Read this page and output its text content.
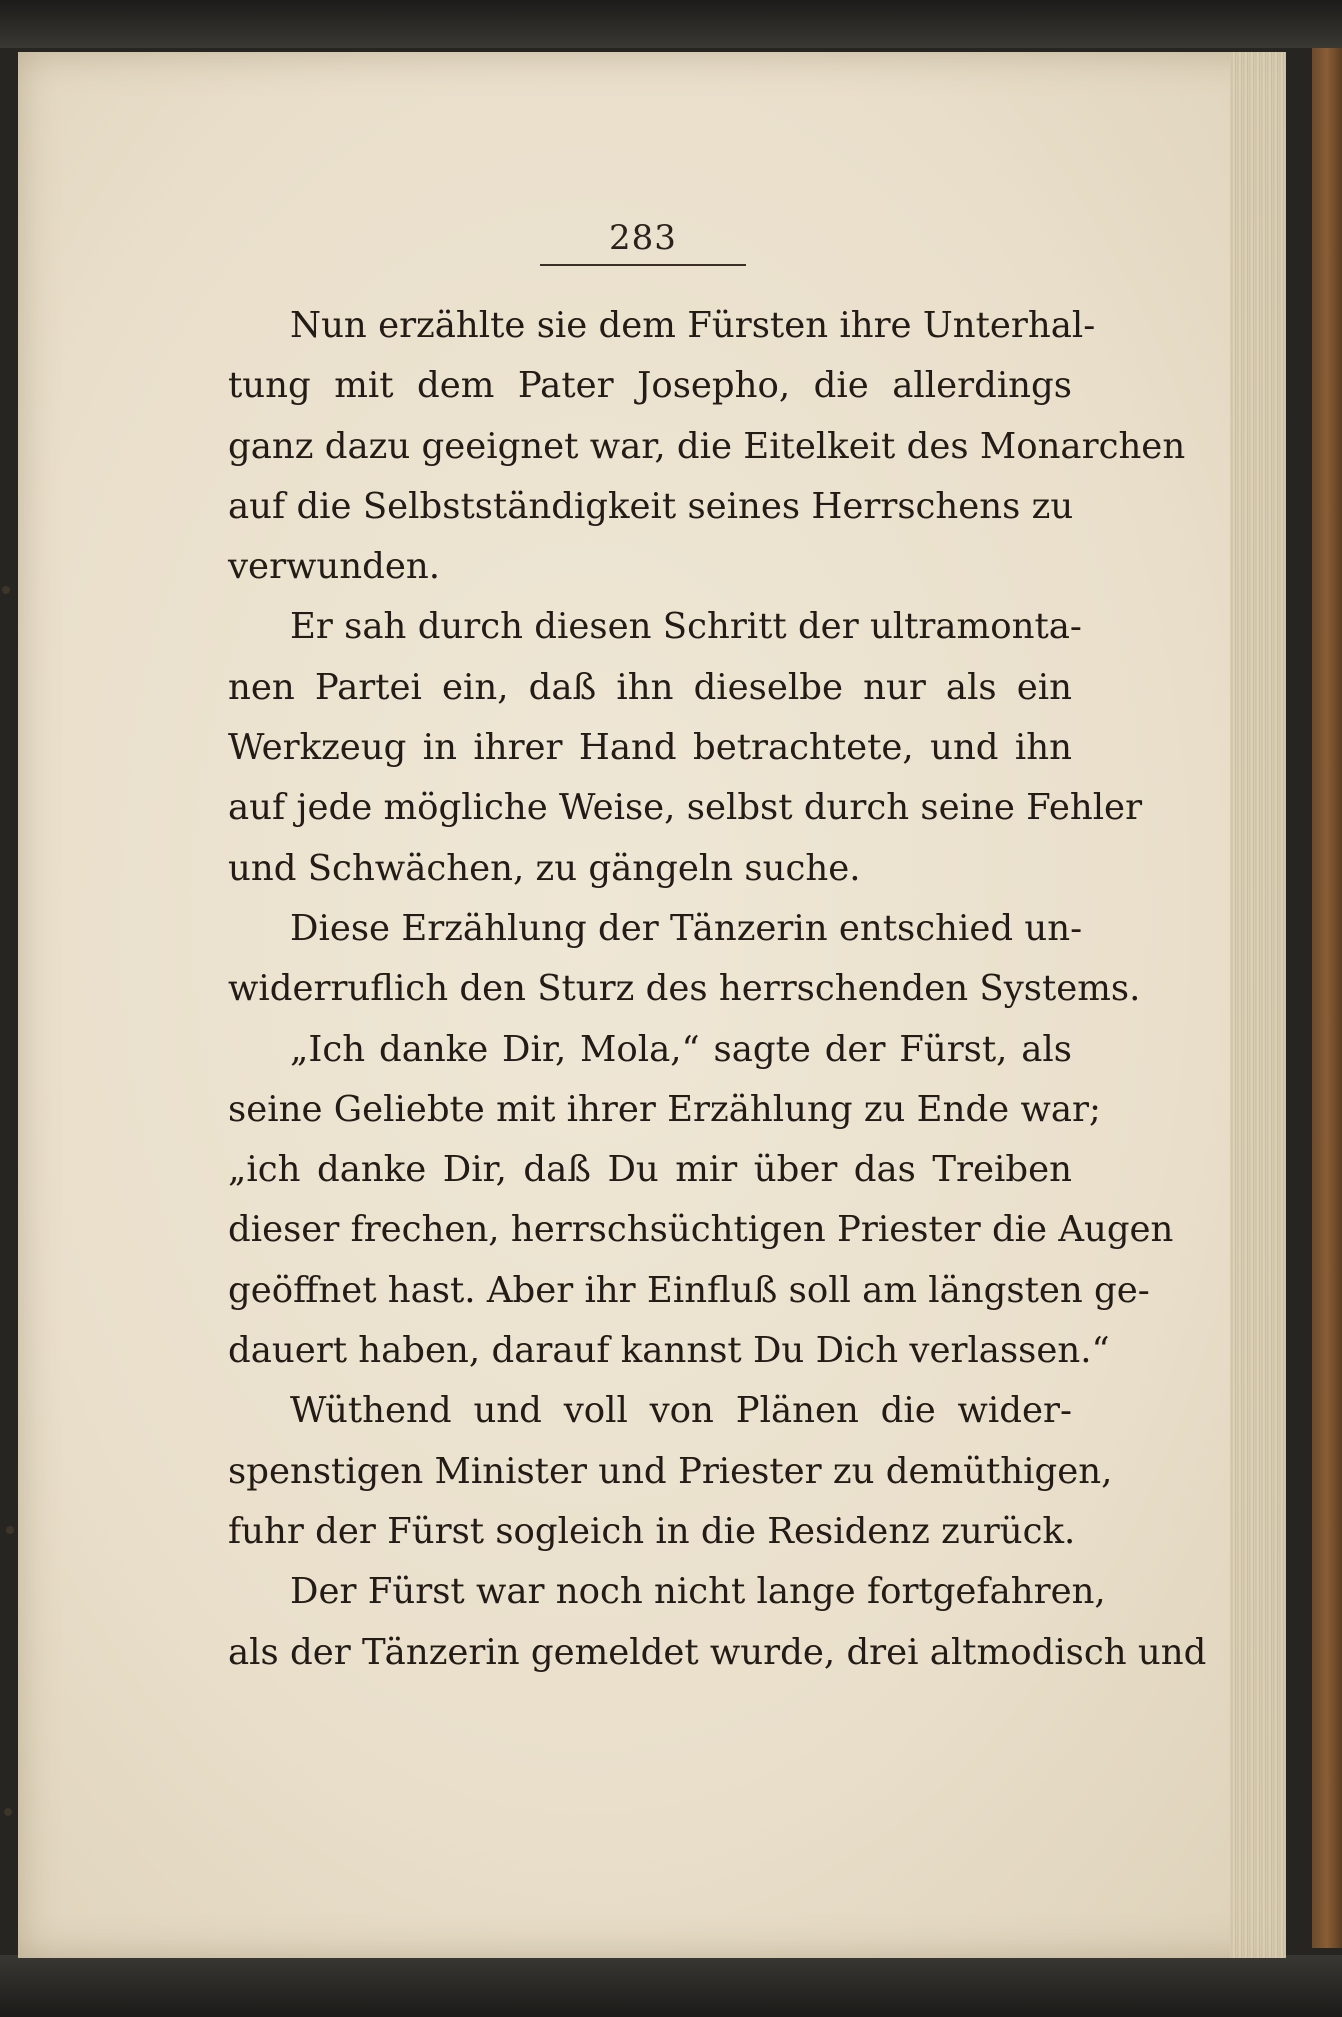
283
Nun erzählte sie dem Fürsten ihre Unterhal-
tung mit dem Pater Josepho, die allerdings
ganz dazu geeignet war, die Eitelkeit des Monarchen
auf die Selbstständigkeit seines Herrschens zu
verwunden.
Er sah durch diesen Schritt der ultramonta-
nen Partei ein, daß ihn dieselbe nur als ein
Werkzeug in ihrer Hand betrachtete, und ihn
auf jede mögliche Weise, selbst durch seine Fehler
und Schwächen, zu gängeln suche.
Diese Erzählung der Tänzerin entschied un-
widerruflich den Sturz des herrschenden Systems.
„Ich danke Dir, Mola,“ sagte der Fürst, als
seine Geliebte mit ihrer Erzählung zu Ende war;
„ich danke Dir, daß Du mir über das Treiben
dieser frechen, herrschsüchtigen Priester die Augen
geöffnet hast. Aber ihr Einfluß soll am längsten ge-
dauert haben, darauf kannst Du Dich verlassen.“
Wüthend und voll von Plänen die wider-
spenstigen Minister und Priester zu demüthigen,
fuhr der Fürst sogleich in die Residenz zurück.
Der Fürst war noch nicht lange fortgefahren,
als der Tänzerin gemeldet wurde, drei altmodisch und
